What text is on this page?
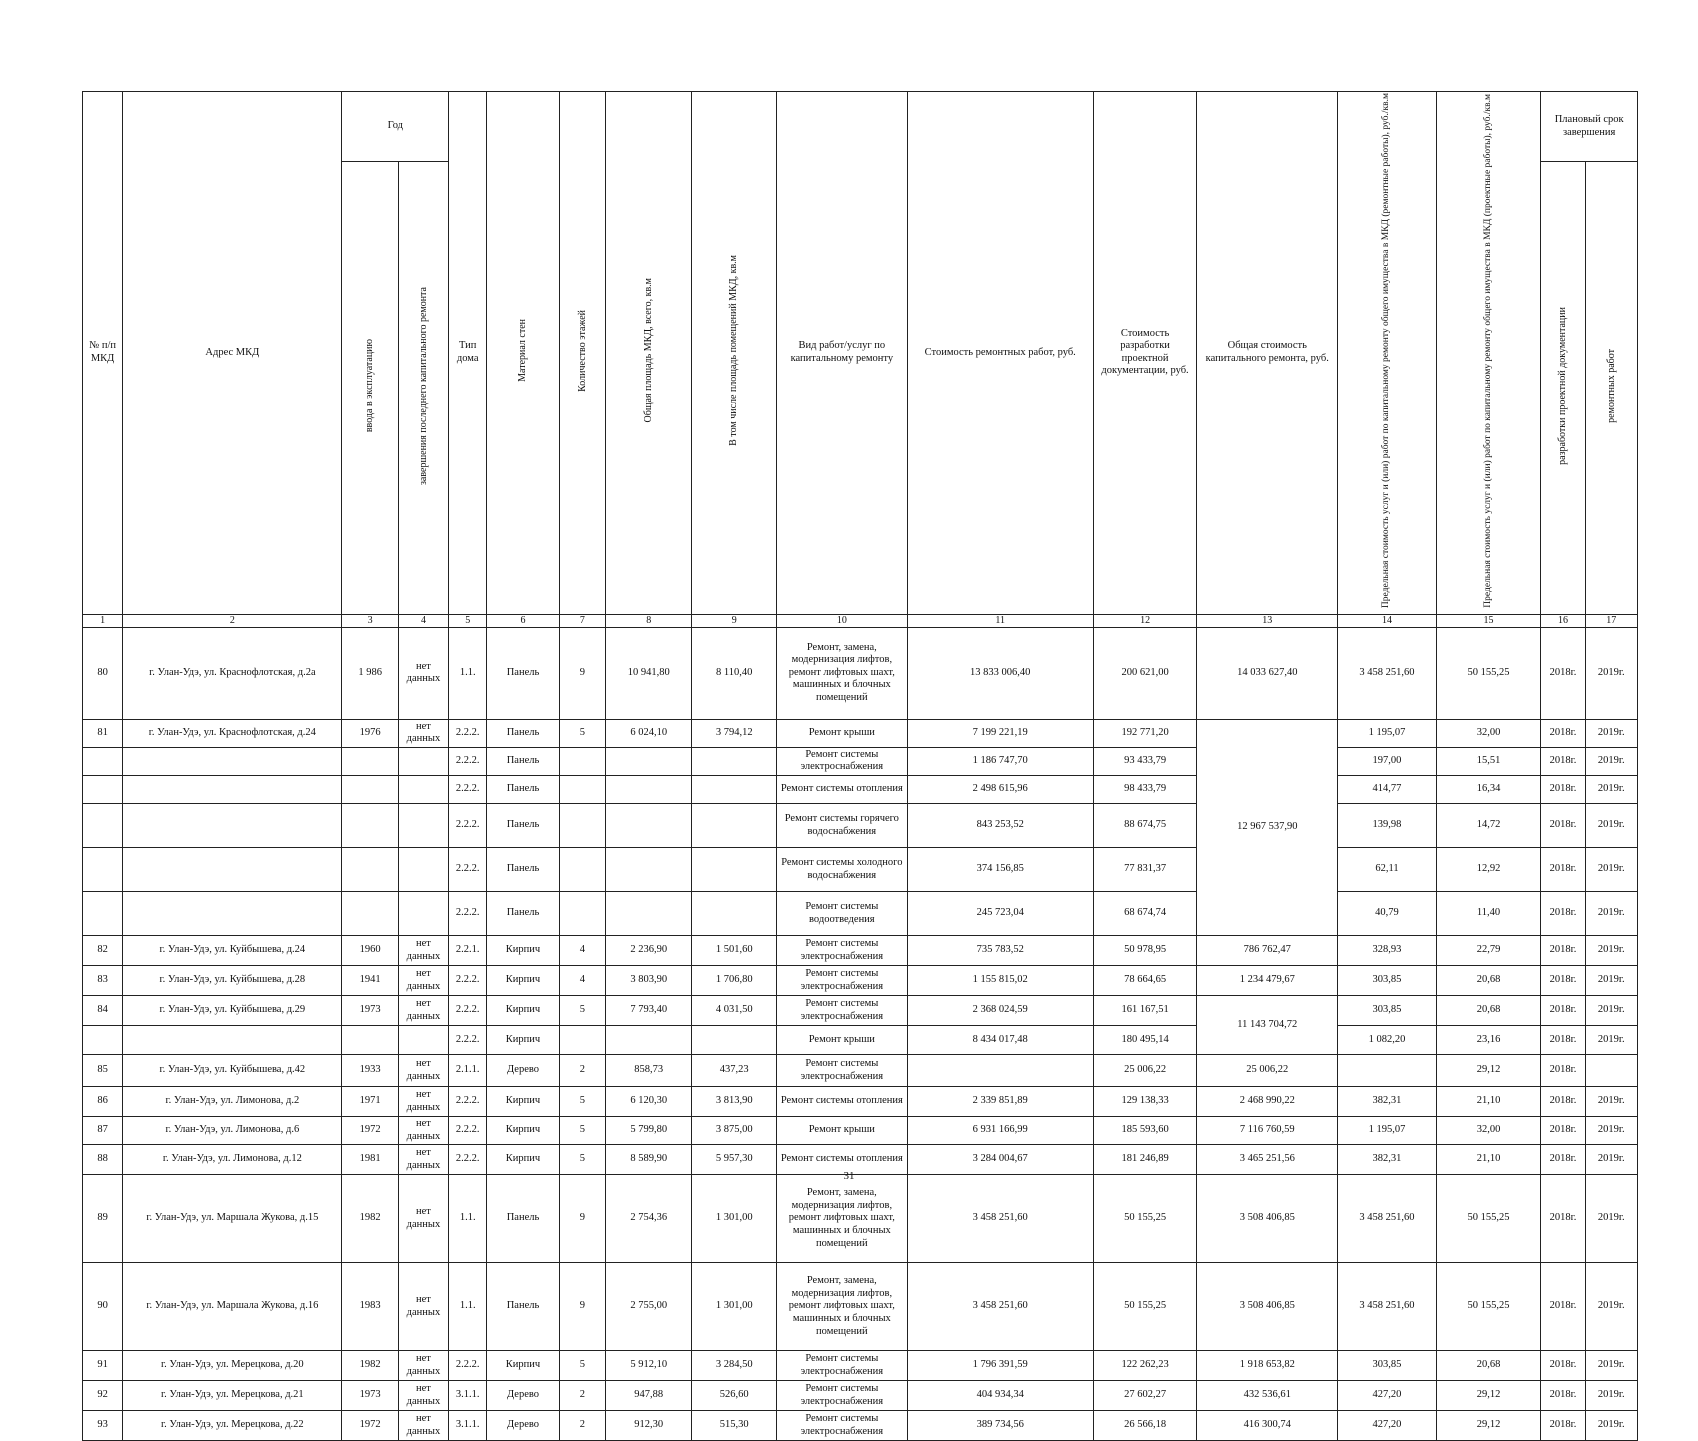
№ п/п МКД	Адрес МКД	Год		Тип дома	Материал стен	Количество этажей	Общая площадь МКД, всего, кв.м	В том числе площадь помещений МКД, кв.м	Вид работ/услуг по капитальному ремонту	Стоимость ремонтных работ, руб.	Стоимость разработки проектной документации, руб.	Общая стоимость капитального ремонта, руб.	Предельная стоимость услуг и (или) работ по капитальному ремонту общего имущества в МКД (ремонтные работы), руб./кв.м	Предельная стоимость услуг и (или) работ по капитальному ремонту общего имущества в МКД (проектные работы), руб./кв.м	Плановый срок завершения	
		ввода в эксплуатацию	завершения последнего капитального ремонта												разработки проектной документации	ремонтных работ
1	2	3	4	5	6	7	8	9	10	11	12	13	14	15	16	17
80	г. Улан-Удэ, ул. Краснофлотская, д.2а	1 986	нет данных	1.1.	Панель	9	10 941,80	8 110,40	Ремонт, замена, модернизация лифтов, ремонт лифтовых шахт, машинных и блочных помещений	13 833 006,40	200 621,00	14 033 627,40	3 458 251,60	50 155,25	2018г.	2019г.
81	г. Улан-Удэ, ул. Краснофлотская, д.24	1976	нет данных	2.2.2.	Панель	5	6 024,10	3 794,12	Ремонт крыши	7 199 221,19	192 771,20	12 967 537,90	1 195,07	32,00	2018г.	2019г.
				2.2.2.	Панель				Ремонт системы электроснабжения	1 186 747,70	93 433,79		197,00	15,51	2018г.	2019г.
				2.2.2.	Панель				Ремонт системы отопления	2 498 615,96	98 433,79		414,77	16,34	2018г.	2019г.
				2.2.2.	Панель				Ремонт системы горячего водоснабжения	843 253,52	88 674,75		139,98	14,72	2018г.	2019г.
				2.2.2.	Панель				Ремонт системы холодного водоснабжения	374 156,85	77 831,37		62,11	12,92	2018г.	2019г.
				2.2.2.	Панель				Ремонт системы водоотведения	245 723,04	68 674,74		40,79	11,40	2018г.	2019г.
82	г. Улан-Удэ, ул. Куйбышева, д.24	1960	нет данных	2.2.1.	Кирпич	4	2 236,90	1 501,60	Ремонт системы электроснабжения	735 783,52	50 978,95	786 762,47	328,93	22,79	2018г.	2019г.
83	г. Улан-Удэ, ул. Куйбышева, д.28	1941	нет данных	2.2.2.	Кирпич	4	3 803,90	1 706,80	Ремонт системы электроснабжения	1 155 815,02	78 664,65	1 234 479,67	303,85	20,68	2018г.	2019г.
84	г. Улан-Удэ, ул. Куйбышева, д.29	1973	нет данных	2.2.2.	Кирпич	5	7 793,40	4 031,50	Ремонт системы электроснабжения	2 368 024,59	161 167,51	11 143 704,72	303,85	20,68	2018г.	2019г.
				2.2.2.	Кирпич				Ремонт крыши	8 434 017,48	180 495,14		1 082,20	23,16	2018г.	2019г.
85	г. Улан-Удэ, ул. Куйбышева, д.42	1933	нет данных	2.1.1.	Дерево	2	858,73	437,23	Ремонт системы электроснабжения		25 006,22	25 006,22		29,12	2018г.	
86	г. Улан-Удэ, ул. Лимонова, д.2	1971	нет данных	2.2.2.	Кирпич	5	6 120,30	3 813,90	Ремонт системы отопления	2 339 851,89	129 138,33	2 468 990,22	382,31	21,10	2018г.	2019г.
87	г. Улан-Удэ, ул. Лимонова, д.6	1972	нет данных	2.2.2.	Кирпич	5	5 799,80	3 875,00	Ремонт крыши	6 931 166,99	185 593,60	7 116 760,59	1 195,07	32,00	2018г.	2019г.
88	г. Улан-Удэ, ул. Лимонова, д.12	1981	нет данных	2.2.2.	Кирпич	5	8 589,90	5 957,30	Ремонт системы отопления	3 284 004,67	181 246,89	3 465 251,56	382,31	21,10	2018г.	2019г.
89	г. Улан-Удэ, ул. Маршала Жукова, д.15	1982	нет данных	1.1.	Панель	9	2 754,36	1 301,00	Ремонт, замена, модернизация лифтов, ремонт лифтовых шахт, машинных и блочных помещений	3 458 251,60	50 155,25	3 508 406,85	3 458 251,60	50 155,25	2018г.	2019г.
90	г. Улан-Удэ, ул. Маршала Жукова, д.16	1983	нет данных	1.1.	Панель	9	2 755,00	1 301,00	Ремонт, замена, модернизация лифтов, ремонт лифтовых шахт, машинных и блочных помещений	3 458 251,60	50 155,25	3 508 406,85	3 458 251,60	50 155,25	2018г.	2019г.
91	г. Улан-Удэ, ул. Мерецкова, д.20	1982	нет данных	2.2.2.	Кирпич	5	5 912,10	3 284,50	Ремонт системы электроснабжения	1 796 391,59	122 262,23	1 918 653,82	303,85	20,68	2018г.	2019г.
92	г. Улан-Удэ, ул. Мерецкова, д.21	1973	нет данных	3.1.1.	Дерево	2	947,88	526,60	Ремонт системы электроснабжения	404 934,34	27 602,27	432 536,61	427,20	29,12	2018г.	2019г.
93	г. Улан-Удэ, ул. Мерецкова, д.22	1972	нет данных	3.1.1.	Дерево	2	912,30	515,30	Ремонт системы электроснабжения	389 734,56	26 566,18	416 300,74	427,20	29,12	2018г.	2019г.
31
